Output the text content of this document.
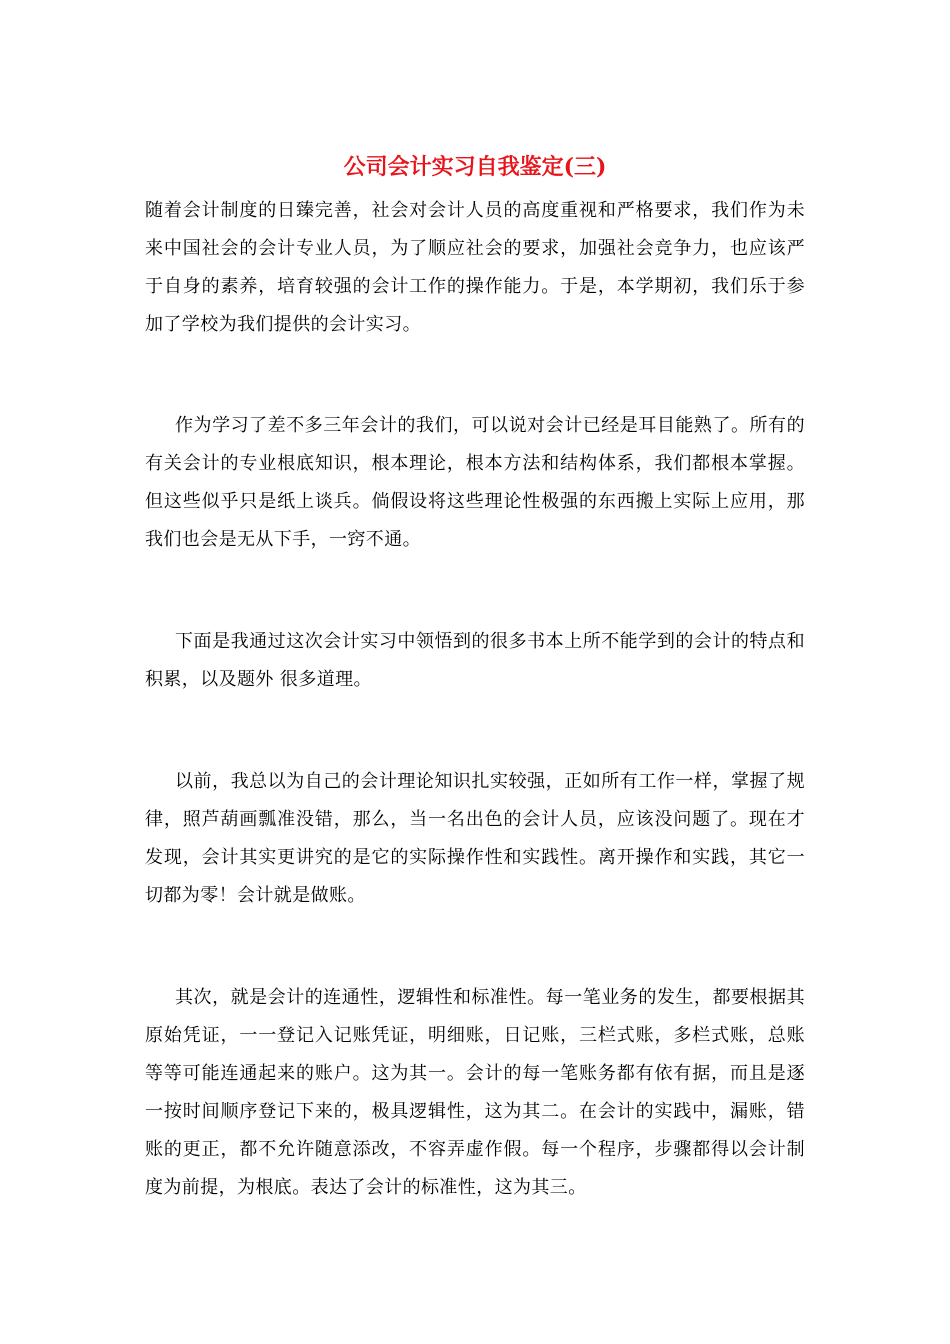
公司会计实习自我鉴定(三)

随着会计制度的日臻完善，社会对会计人员的高度重视和严格要求，我们作为未来中国社会的会计专业人员，为了顺应社会的要求，加强社会竞争力，也应该严于自身的素养，培育较强的会计工作的操作能力。于是，本学期初，我们乐于参加了学校为我们提供的会计实习。

作为学习了差不多三年会计的我们，可以说对会计已经是耳目能熟了。所有的有关会计的专业根底知识，根本理论，根本方法和结构体系，我们都根本掌握。但这些似乎只是纸上谈兵。倘假设将这些理论性极强的东西搬上实际上应用，那我们也会是无从下手，一窍不通。

下面是我通过这次会计实习中领悟到的很多书本上所不能学到的会计的特点和积累，以及题外 很多道理。

以前，我总以为自己的会计理论知识扎实较强，正如所有工作一样，掌握了规律，照芦葫画瓢准没错，那么，当一名出色的会计人员，应该没问题了。现在才发现，会计其实更讲究的是它的实际操作性和实践性。离开操作和实践，其它一切都为零！会计就是做账。

其次，就是会计的连通性，逻辑性和标准性。每一笔业务的发生，都要根据其原始凭证，一一登记入记账凭证，明细账，日记账，三栏式账，多栏式账，总账等等可能连通起来的账户。这为其一。会计的每一笔账务都有依有据，而且是逐一按时间顺序登记下来的，极具逻辑性，这为其二。在会计的实践中，漏账，错账的更正，都不允许随意添改，不容弄虚作假。每一个程序，步骤都得以会计制度为前提，为根底。表达了会计的标准性，这为其三。
